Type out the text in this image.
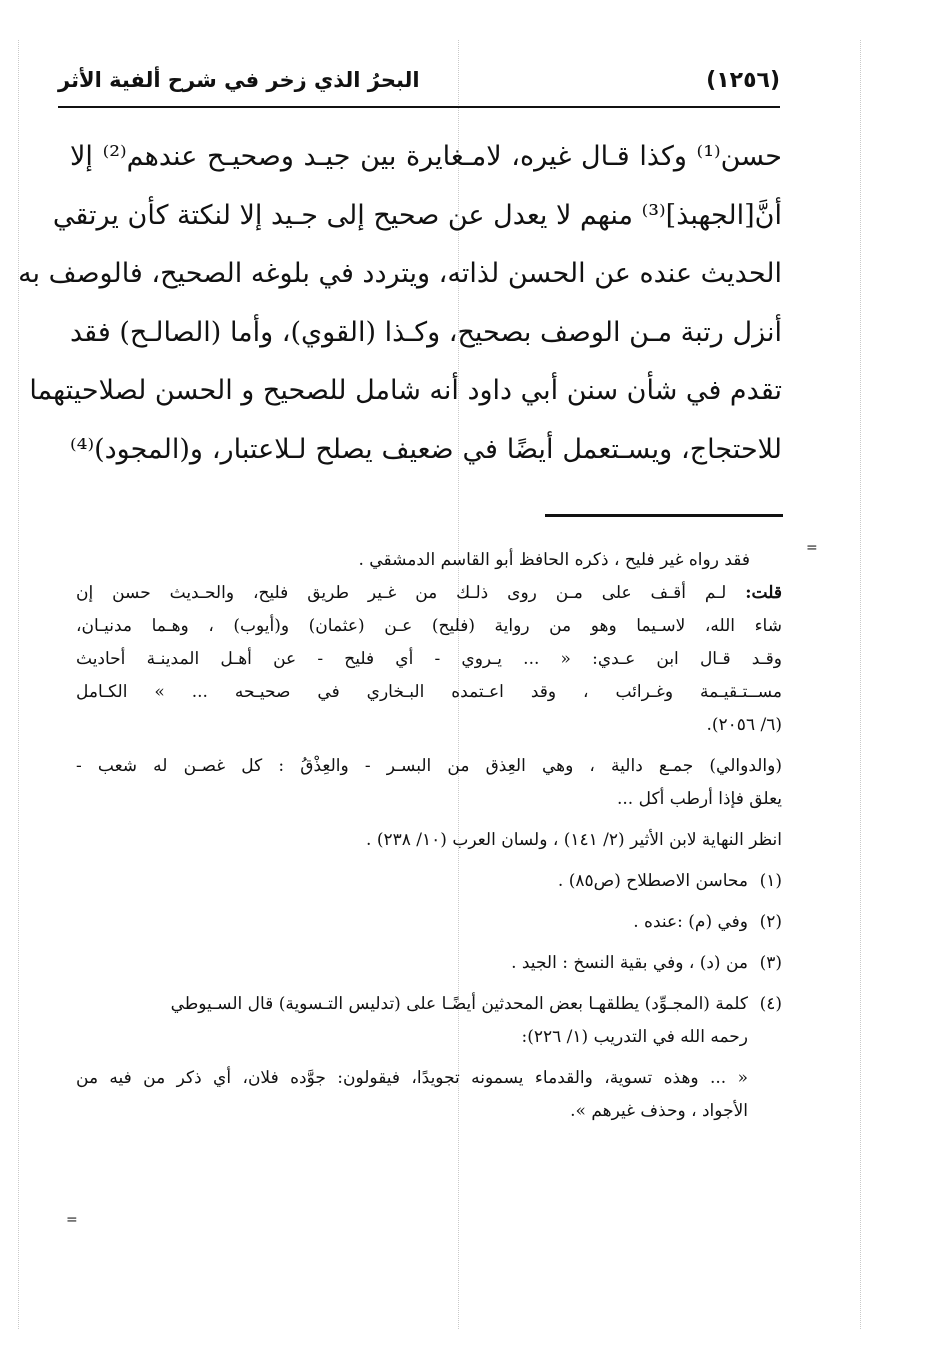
(١٢٥٦)
البحرُ الذي زخر في شرح ألفية الأثر
حسن⁽¹⁾ وكذا قـال غيره، لامـغايرة بين جيـد وصحيـح عندهم⁽²⁾ إلا
أنَّ[الجهبذ]⁽³⁾ منهم لا يعدل عن صحيح إلى جـيد إلا لنكتة كأن يرتقي
الحديث عنده عن الحسن لذاته، ويتردد في بلوغه الصحيح، فالوصف به
أنزل رتبة مـن الوصف بصحيح، وكـذا (القوي)، وأما (الصالـح) فقد
تقدم في شأن سنن أبي داود أنه شامل للصحيح و الحسن لصلاحيتهما
للاحتجاج، ويسـتعمل أيضًا في ضعيف يصلح لـلاعتبار، و(المجود)⁽⁴⁾
=
=
فقد رواه غير فليح ، ذكره الحافظ أبو القاسم الدمشقي .
قلت: لـم أقـف على مـن روى ذلـك من غـير طريق فليح، والحـديث حسن إن
شاء الله، لاسـيما وهو من رواية (فليح) عـن (عثمان) و(أيوب) ، وهـما مدنيـان،
وقـد قـال ابن عـدي: « ... يـروي - أي فليح - عن أهـل المدينـة أحاديث
مســتـقيـمة وغـرائب ، وقد اعـتمده البـخاري في صحيـحه ... » الكـامل
(٦/ ٢٠٥٦).
(والدوالي) جمـع دالية ، وهي العِذق من البسـر - والعِذْقُ : كل غصـن له شعب -
يعلق فإذا أرطب أكل ...
انظر النهاية لابن الأثير (٢/ ١٤١) ، ولسان العرب (١٠/ ٢٣٨) .
(١)محاسن الاصطلاح (ص٨٥) .
(٢)وفي (م) :عنده .
(٣)من (د) ، وفي بقية النسخ : الجيد .
(٤)كلمة (المجـوِّد) يطلقهـا بعض المحدثين أيضًـا على (تدليس التـسوية) قال السـيوطي
رحمه الله في التدريب (١/ ٢٢٦):
« ... وهذه تسوية، والقدماء يسمونه تجويدًا، فيقولون: جوَّده فلان، أي ذكر من فيه من
الأجواد ، وحذف غيرهم ».
